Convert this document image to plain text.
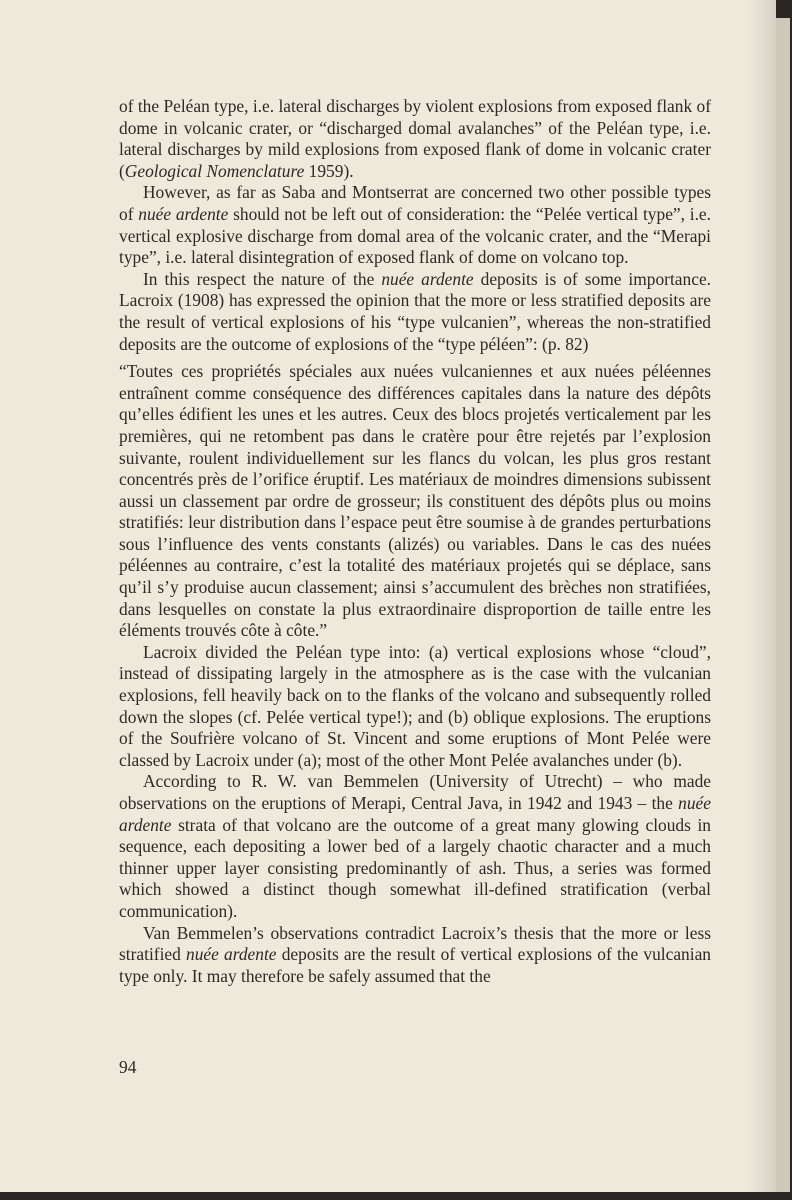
of the Peléan type, i.e. lateral discharges by violent explosions from exposed flank of dome in volcanic crater, or “discharged domal avalanches” of the Peléan type, i.e. lateral discharges by mild explosions from exposed flank of dome in volcanic crater (Geological Nomenclature 1959).

However, as far as Saba and Montserrat are concerned two other possible types of nuée ardente should not be left out of consideration: the “Pelée vertical type”, i.e. vertical explosive discharge from domal area of the volcanic crater, and the “Merapi type”, i.e. lateral disintegration of exposed flank of dome on volcano top.

In this respect the nature of the nuée ardente deposits is of some importance. Lacroix (1908) has expressed the opinion that the more or less stratified deposits are the result of vertical explosions of his “type vulcanien”, whereas the non-stratified deposits are the outcome of explosions of the “type péléen”: (p. 82)

“Toutes ces propriétés spéciales aux nuées vulcaniennes et aux nuées péléennes entraînent comme conséquence des différences capitales dans la nature des dépôts qu’elles édifient les unes et les autres. Ceux des blocs projetés verticalement par les premières, qui ne retombent pas dans le cratère pour être rejetés par l’explosion suivante, roulent individuellement sur les flancs du volcan, les plus gros restant concentrés près de l’orifice éruptif. Les matériaux de moindres dimensions subissent aussi un classement par ordre de grosseur; ils constituent des dépôts plus ou moins stratifiés: leur distribution dans l’espace peut être soumise à de grandes perturbations sous l’influence des vents constants (alizés) ou variables. Dans le cas des nuées péléennes au contraire, c’est la totalité des matériaux projetés qui se déplace, sans qu’il s’y produise aucun classement; ainsi s’accumulent des brèches non stratifiées, dans lesquelles on constate la plus extraordinaire disproportion de taille entre les éléments trouvés côte à côte.”

Lacroix divided the Peléan type into: (a) vertical explosions whose “cloud”, instead of dissipating largely in the atmosphere as is the case with the vulcanian explosions, fell heavily back on to the flanks of the volcano and subsequently rolled down the slopes (cf. Pelée vertical type!); and (b) oblique explosions. The eruptions of the Soufrière volcano of St. Vincent and some eruptions of Mont Pelée were classed by Lacroix under (a); most of the other Mont Pelée avalanches under (b).

According to R. W. van Bemmelen (University of Utrecht) – who made observations on the eruptions of Merapi, Central Java, in 1942 and 1943 – the nuée ardente strata of that volcano are the outcome of a great many glowing clouds in sequence, each depositing a lower bed of a largely chaotic character and a much thinner upper layer consisting predominantly of ash. Thus, a series was formed which showed a distinct though somewhat ill-defined stratification (verbal communication).

Van Bemmelen’s observations contradict Lacroix’s thesis that the more or less stratified nuée ardente deposits are the result of vertical explosions of the vulcanian type only. It may therefore be safely assumed that the

94
